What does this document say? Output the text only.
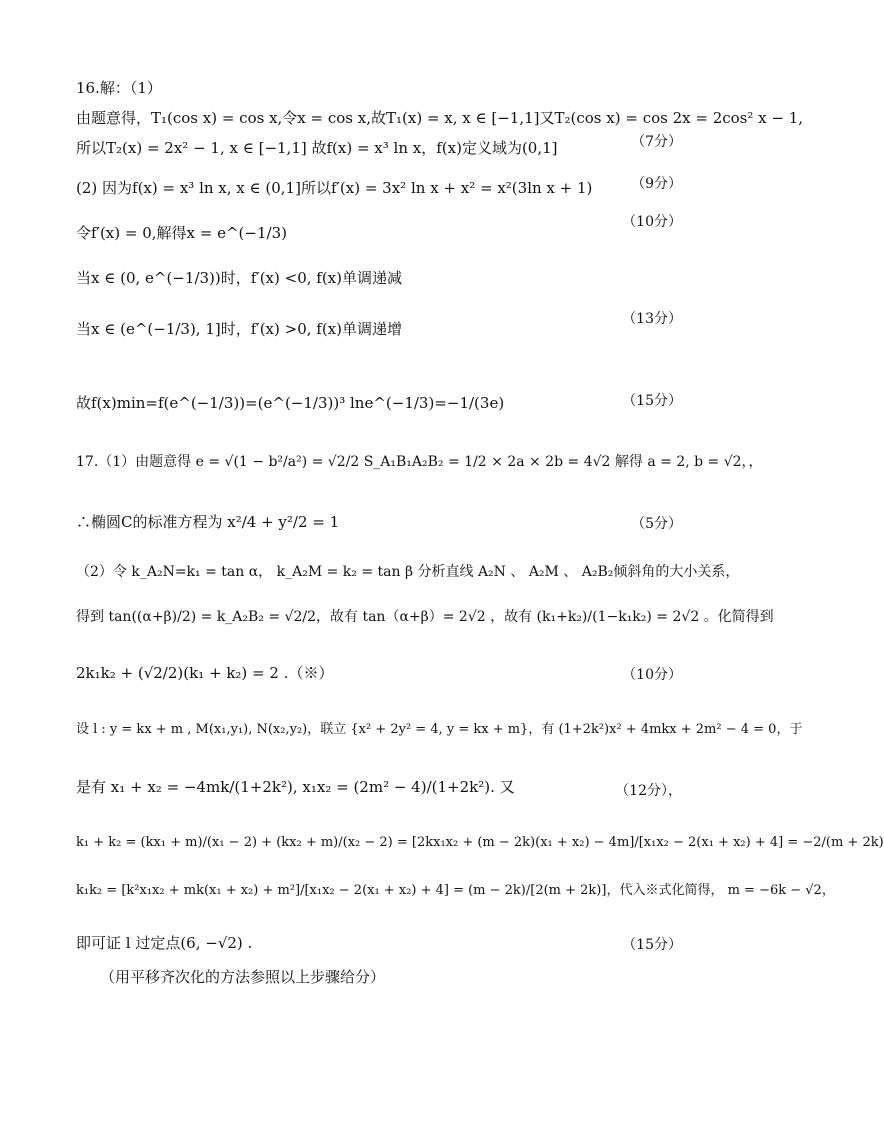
16.解：（1）
由题意得，T₁(cos x) = cos x,令x = cos x,故T₁(x) = x, x ∈ [−1,1]又T₂(cos x) = cos 2x = 2cos² x − 1,
所以T₂(x) = 2x² − 1, x ∈ [−1,1] 故f(x) = x³ ln x，f(x)定义域为(0,1]	（7分）
(2) 因为f(x) = x³ ln x, x ∈ (0,1]所以f′(x) = 3x² ln x + x² = x²(3ln x + 1)	（9分）
令f′(x) = 0,解得x = e^(−1/3)
（10分）
当x ∈ (0, e^(−1/3))时，f′(x) <0, f(x)单调递减
当x ∈ (e^(−1/3), 1]时，f′(x) >0, f(x)单调递增
（13分）
故f(x)min=f(e^(−1/3))=(e^(−1/3))³ lne^(−1/3)=−1/(3e)	（15分）
17.（1）由题意得 e = √(1 − b²/a²) = √2/2 S_A₁B₁A₂B₂ = 1/2 × 2a × 2b = 4√2 解得 a = 2, b = √2，，
∴椭圆C的标准方程为 x²/4 + y²/2 = 1	（5分）
（2）令 k_A₂N=k₁ = tan α， k_A₂M = k₂ = tan β 分析直线 A₂N 、 A₂M 、 A₂B₂倾斜角的大小关系，
得到 tan((α+β)/2) = k_A₂B₂ = √2/2，故有 tan（α+β）= 2√2 ，故有 (k₁+k₂)/(1−k₁k₂) = 2√2 。化简得到
2k₁k₂ + (√2/2)(k₁ + k₂) = 2 .（※）	（10分）
设 l : y = kx + m , M(x₁,y₁), N(x₂,y₂)，联立 {x² + 2y² = 4, y = kx + m}，有 (1+2k²)x² + 4mkx + 2m² − 4 = 0，于
是有 x₁ + x₂ = −4mk/(1+2k²), x₁x₂ = (2m² − 4)/(1+2k²). 又	（12分），
k₁ + k₂ = (kx₁ + m)/(x₁ − 2) + (kx₂ + m)/(x₂ − 2) = [2kx₁x₂ + (m − 2k)(x₁ + x₂) − 4m]/[x₁x₂ − 2(x₁ + x₂) + 4] = −2/(m + 2k)
k₁k₂ = [k²x₁x₂ + mk(x₁ + x₂) + m²]/[x₁x₂ − 2(x₁ + x₂) + 4] = (m − 2k)/[2(m + 2k)]，代入※式化简得， m = −6k − √2，
即可证 l 过定点(6, −√2) .	（15分）
（用平移齐次化的方法参照以上步骤给分）
